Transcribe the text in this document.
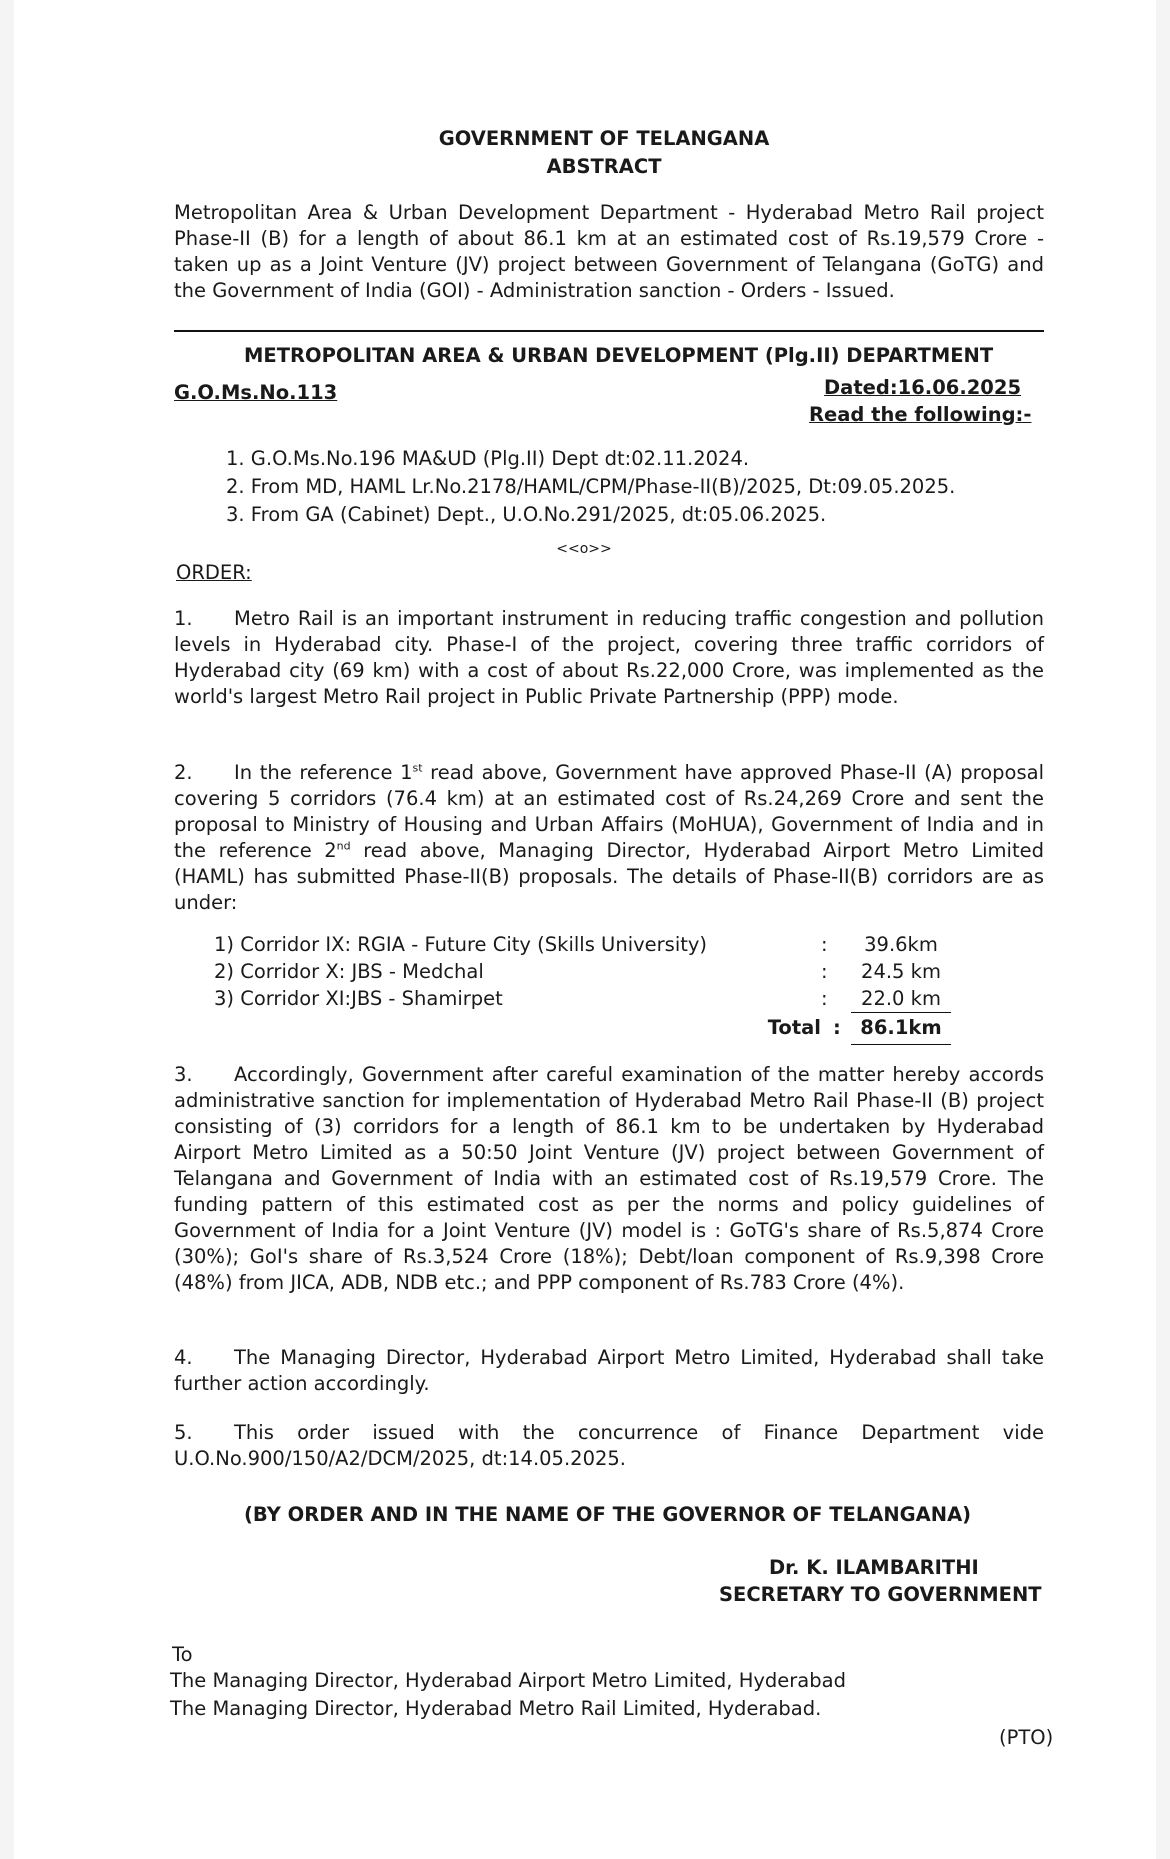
GOVERNMENT OF TELANGANA
ABSTRACT
Metropolitan Area & Urban Development Department - Hyderabad Metro Rail project Phase-II (B) for a length of about 86.1 km at an estimated cost of Rs.19,579 Crore - taken up as a Joint Venture (JV) project between Government of Telangana (GoTG) and the Government of India (GOI) - Administration sanction - Orders - Issued.
METROPOLITAN AREA & URBAN DEVELOPMENT (Plg.II) DEPARTMENT
G.O.Ms.No.113	Dated:16.06.2025
Read the following:-
1. G.O.Ms.No.196 MA&UD (Plg.II) Dept dt:02.11.2024.
2. From MD, HAML Lr.No.2178/HAML/CPM/Phase-II(B)/2025, Dt:09.05.2025.
3. From GA (Cabinet) Dept., U.O.No.291/2025, dt:05.06.2025.
<<o>>
ORDER:
1. Metro Rail is an important instrument in reducing traffic congestion and pollution levels in Hyderabad city. Phase-I of the project, covering three traffic corridors of Hyderabad city (69 km) with a cost of about Rs.22,000 Crore, was implemented as the world's largest Metro Rail project in Public Private Partnership (PPP) mode.
2. In the reference 1st read above, Government have approved Phase-II (A) proposal covering 5 corridors (76.4 km) at an estimated cost of Rs.24,269 Crore and sent the proposal to Ministry of Housing and Urban Affairs (MoHUA), Government of India and in the reference 2nd read above, Managing Director, Hyderabad Airport Metro Limited (HAML) has submitted Phase-II(B) proposals. The details of Phase-II(B) corridors are as under:
1) Corridor IX: RGIA - Future City (Skills University)	:	39.6km
2) Corridor X: JBS - Medchal	:	24.5 km
3) Corridor XI:JBS - Shamirpet	:	22.0 km
Total : 86.1km
3. Accordingly, Government after careful examination of the matter hereby accords administrative sanction for implementation of Hyderabad Metro Rail Phase-II (B) project consisting of (3) corridors for a length of 86.1 km to be undertaken by Hyderabad Airport Metro Limited as a 50:50 Joint Venture (JV) project between Government of Telangana and Government of India with an estimated cost of Rs.19,579 Crore. The funding pattern of this estimated cost as per the norms and policy guidelines of Government of India for a Joint Venture (JV) model is : GoTG's share of Rs.5,874 Crore (30%); GoI's share of Rs.3,524 Crore (18%); Debt/loan component of Rs.9,398 Crore (48%) from JICA, ADB, NDB etc.; and PPP component of Rs.783 Crore (4%).
4. The Managing Director, Hyderabad Airport Metro Limited, Hyderabad shall take further action accordingly.
5. This order issued with the concurrence of Finance Department vide U.O.No.900/150/A2/DCM/2025, dt:14.05.2025.
(BY ORDER AND IN THE NAME OF THE GOVERNOR OF TELANGANA)
Dr. K. ILAMBARITHI
SECRETARY TO GOVERNMENT
To
The Managing Director, Hyderabad Airport Metro Limited, Hyderabad
The Managing Director, Hyderabad Metro Rail Limited, Hyderabad.
(PTO)
